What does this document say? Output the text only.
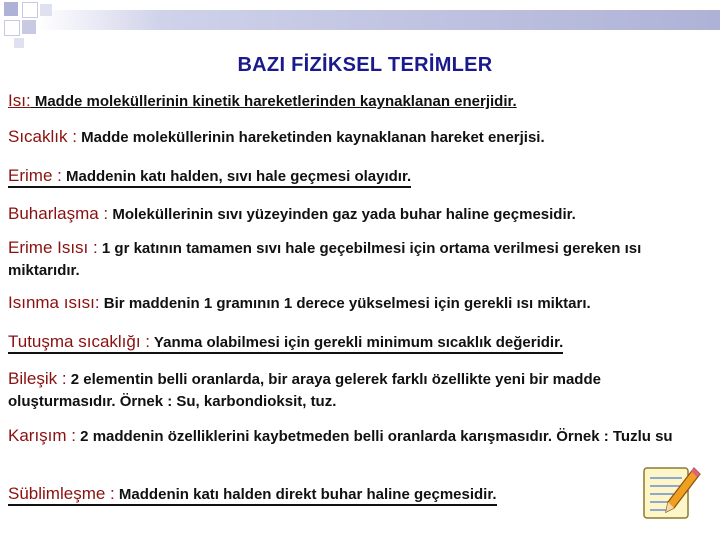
BAZI FİZİKSEL TERİMLER
Isı: Madde moleküllerinin kinetik hareketlerinden kaynaklanan enerjidir.
Sıcaklık : Madde moleküllerinin hareketinden kaynaklanan hareket enerjisi.
Erime : Maddenin katı halden, sıvı hale geçmesi olayıdır.
Buharlaşma : Moleküllerinin sıvı yüzeyinden gaz yada buhar haline geçmesidir.
Erime Isısı : 1 gr katının tamamen sıvı hale geçebilmesi için ortama verilmesi gereken ısı miktarıdır.
Isınma ısısı: Bir maddenin 1 gramının 1 derece yükselmesi için gerekli ısı miktarı.
Tutuşma sıcaklığı : Yanma olabilmesi için gerekli minimum sıcaklık değeridir.
Bileşik : 2 elementin belli oranlarda, bir araya gelerek farklı özellikte yeni bir madde oluşturmasıdır. Örnek : Su, karbondioksit, tuz.
Karışım : 2 maddenin özelliklerini kaybetmeden belli oranlarda karışmasıdır. Örnek : Tuzlu su
Süblimleşme : Maddenin katı halden direkt buhar haline geçmesidir.
